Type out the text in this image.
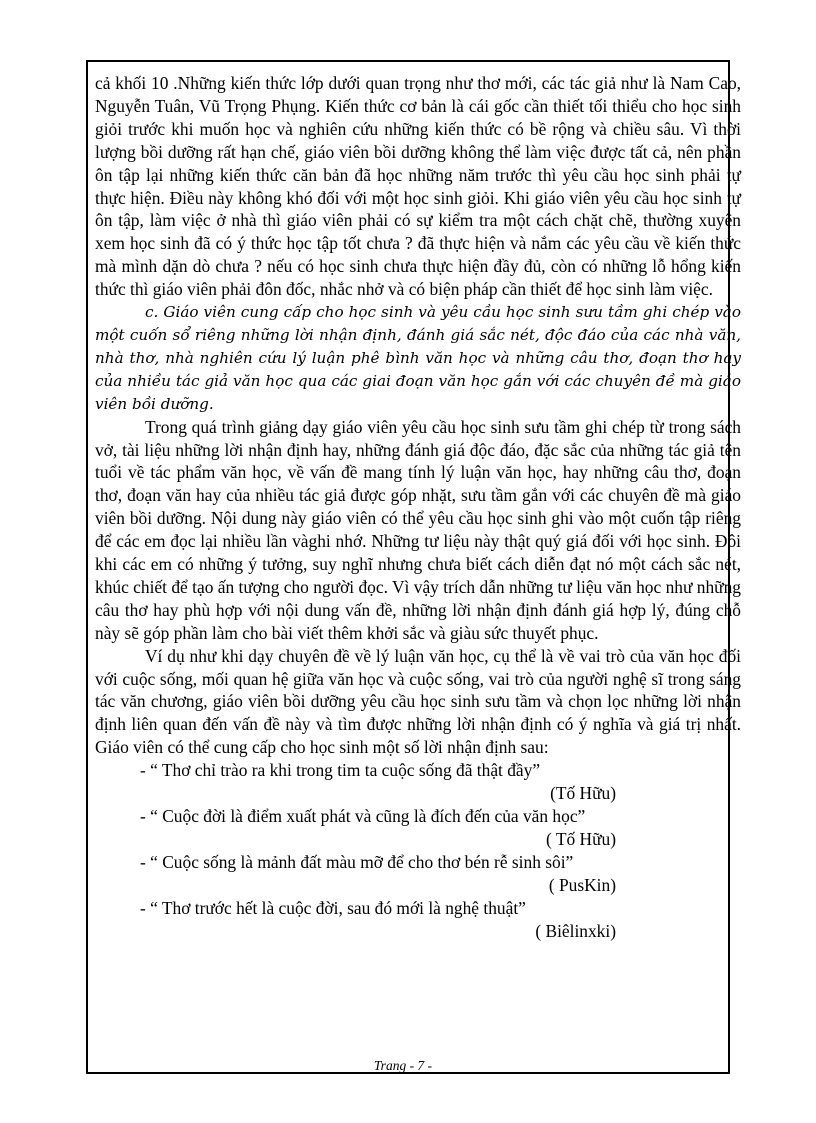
cả khối 10 .Những kiến thức lớp dưới quan trọng như thơ mới, các tác giả như là Nam Cao, Nguyễn Tuân, Vũ Trọng Phụng. Kiến thức cơ bản là cái gốc cần thiết tối thiểu cho học sinh giỏi trước khi muốn học và nghiên cứu những kiến thức có bề rộng và chiều sâu. Vì thời lượng bồi dưỡng rất hạn chế, giáo viên bồi dưỡng không thể làm việc được tất cả, nên phần ôn tập lại những kiến thức căn bản đã học những năm trước thì yêu cầu học sinh phải tự thực hiện. Điều này không khó đối với một học sinh giỏi. Khi giáo viên yêu cầu học sinh tự ôn tập, làm việc ở nhà thì giáo viên phải có sự kiểm tra một cách chặt chẽ, thường xuyên xem học sinh đã có ý thức học tập tốt chưa ? đã thực hiện và nắm các yêu cầu về kiến thức mà mình dặn dò chưa ? nếu có học sinh chưa thực hiện đầy đủ, còn có những lỗ hổng kiến thức thì giáo viên phải đôn đốc, nhắc nhở và có biện pháp cần thiết để học sinh làm việc.

c. Giáo viên cung cấp cho học sinh và yêu cầu học sinh sưu tầm ghi chép vào một cuốn sổ riêng những lời nhận định, đánh giá sắc nét, độc đáo của các nhà văn, nhà thơ, nhà nghiên cứu lý luận phê bình văn học và những câu thơ, đoạn thơ hay của nhiều tác giả văn học qua các giai đoạn văn học gắn với các chuyên đề mà giáo viên bồi dưỡng.

Trong quá trình giảng dạy giáo viên yêu cầu học sinh sưu tầm ghi chép từ trong sách vở, tài liệu những lời nhận định hay, những đánh giá độc đáo, đặc sắc của những tác giả tên tuổi về tác phẩm văn học, về vấn đề mang tính lý luận văn học, hay những câu thơ, đoạn thơ, đoạn văn hay của nhiều tác giả được góp nhặt, sưu tầm gắn với các chuyên đề mà giáo viên bồi dưỡng. Nội dung này giáo viên có thể yêu cầu học sinh ghi vào một cuốn tập riêng để các em đọc lại nhiều lần vàghi nhớ. Những tư liệu này thật quý giá đối với học sinh. Đôi khi các em có những ý tưởng, suy nghĩ nhưng chưa biết cách diễn đạt nó một cách sắc nét, khúc chiết để tạo ấn tượng cho người đọc. Vì vậy trích dẫn những tư liệu văn học như những câu thơ hay phù hợp với nội dung vấn đề, những lời nhận định đánh giá hợp lý, đúng chỗ này sẽ góp phần làm cho bài viết thêm khởi sắc và giàu sức thuyết phục.

Ví dụ như khi dạy chuyên đề về lý luận văn học, cụ thể là về vai trò của văn học đối với cuộc sống, mối quan hệ giữa văn học và cuộc sống, vai trò của người nghệ sĩ trong sáng tác văn chương, giáo viên bồi dưỡng yêu cầu học sinh sưu tầm và chọn lọc những lời nhận định liên quan đến vấn đề này và tìm được những lời nhận định có ý nghĩa và giá trị nhất. Giáo viên có thể cung cấp cho học sinh một số lời nhận định sau:

- “ Thơ chỉ trào ra khi trong tim ta cuộc sống đã thật đầy”
(Tố Hữu)
- “ Cuộc đời là điểm xuất phát và cũng là đích đến của văn học”
( Tố Hữu)
- “ Cuộc sống là mảnh đất màu mỡ để cho thơ bén rễ sinh sôi”
( PusKin)
- “ Thơ trước hết là cuộc đời, sau đó mới là nghệ thuật”
( Biêlinxki)
Trang - 7 -
